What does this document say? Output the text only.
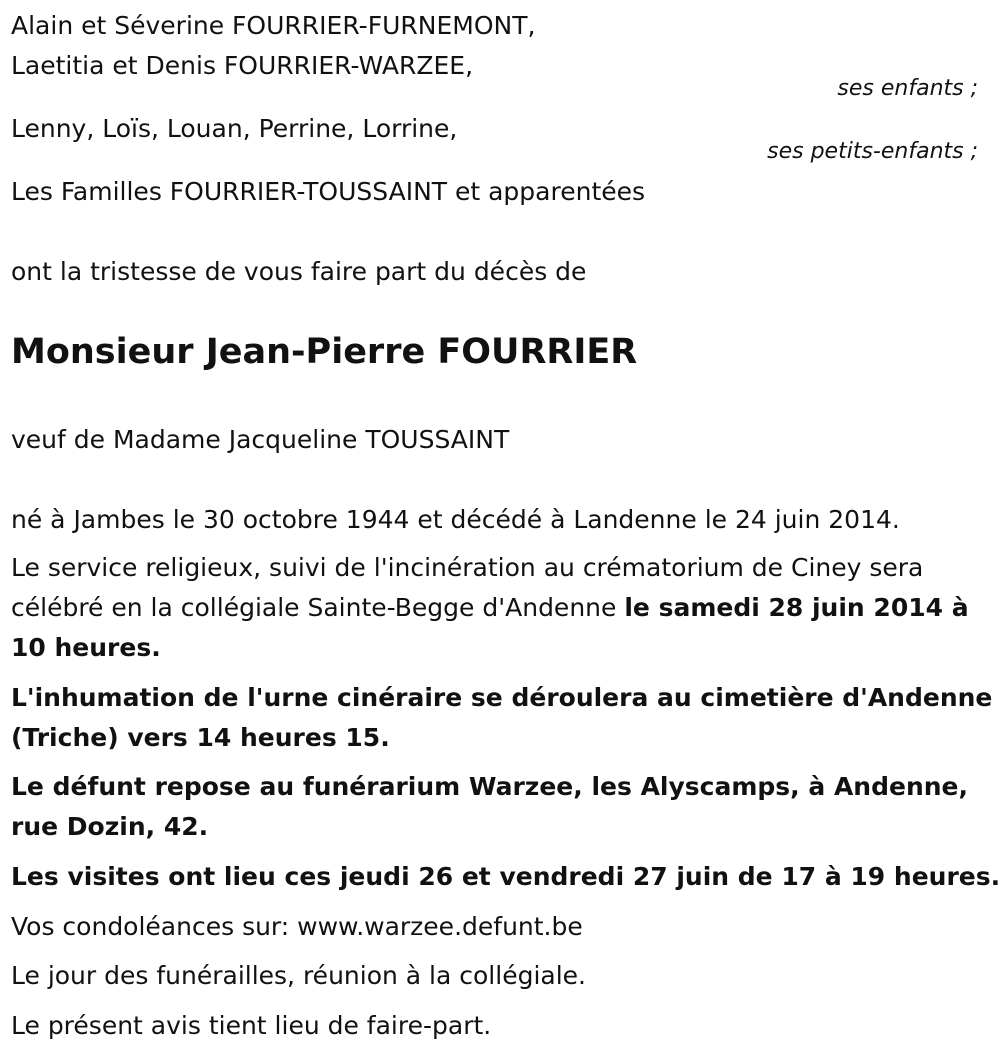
Alain et Séverine FOURRIER-FURNEMONT,
Laetitia et Denis FOURRIER-WARZEE,
ses enfants ;
Lenny, Loïs, Louan, Perrine, Lorrine,
ses petits-enfants ;
Les Familles FOURRIER-TOUSSAINT et apparentées
ont la tristesse de vous faire part du décès de
Monsieur Jean-Pierre FOURRIER
veuf de Madame Jacqueline TOUSSAINT
né à Jambes le 30 octobre 1944 et décédé à Landenne le 24 juin 2014.
Le service religieux, suivi de l'incinération au crématorium de Ciney sera
célébré en la collégiale Sainte-Begge d'Andenne le samedi 28 juin 2014 à
10 heures.
L'inhumation de l'urne cinéraire se déroulera au cimetière d'Andenne
(Triche) vers 14 heures 15.
Le défunt repose au funérarium Warzee, les Alyscamps, à Andenne,
rue Dozin, 42.
Les visites ont lieu ces jeudi 26 et vendredi 27 juin de 17 à 19 heures.
Vos condoléances sur: www.warzee.defunt.be
Le jour des funérailles, réunion à la collégiale.
Le présent avis tient lieu de faire-part.
